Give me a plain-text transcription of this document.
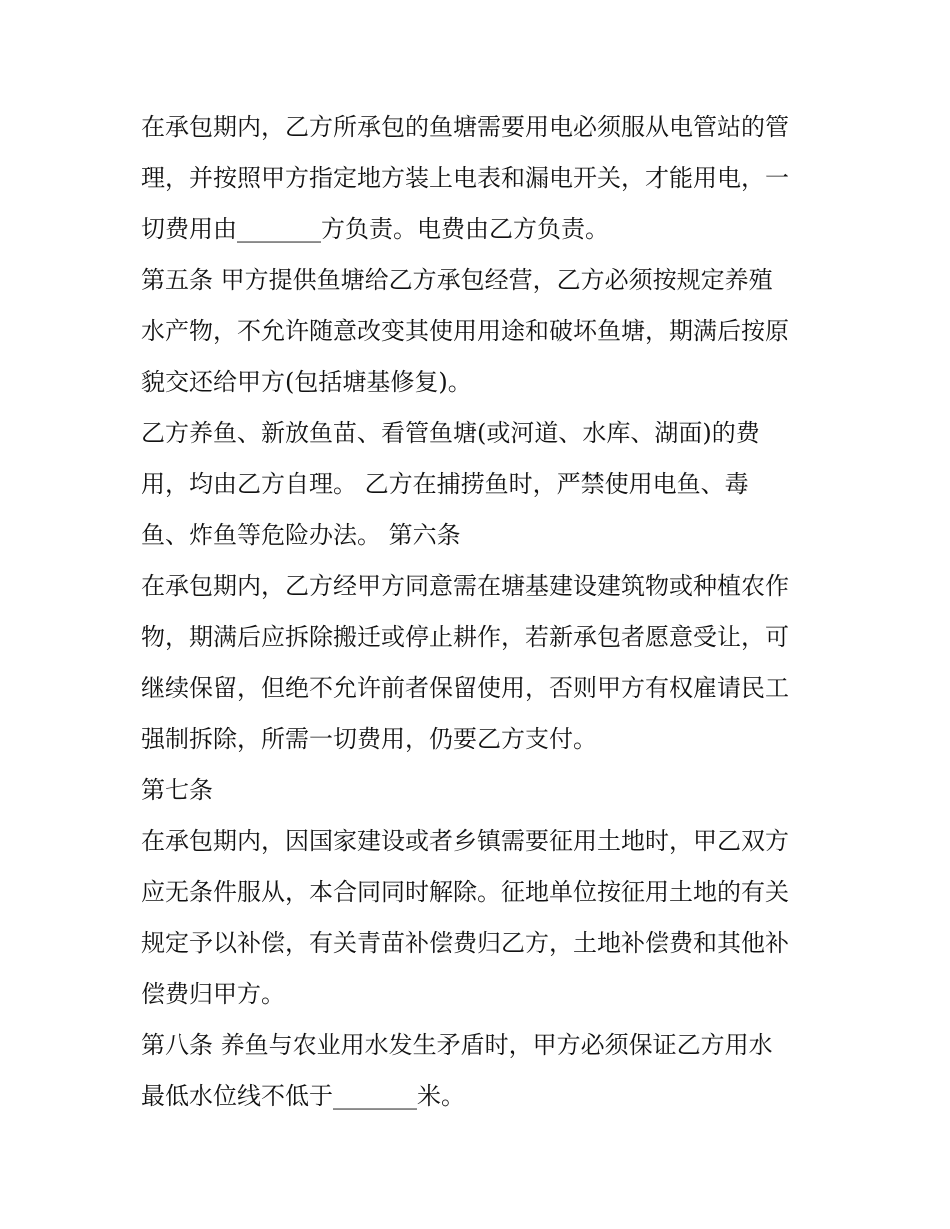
在承包期内，乙方所承包的鱼塘需要用电必须服从电管站的管
理，并按照甲方指定地方装上电表和漏电开关，才能用电，一
切费用由_______方负责。电费由乙方负责。
第五条 甲方提供鱼塘给乙方承包经营，乙方必须按规定养殖
水产物，不允许随意改变其使用用途和破坏鱼塘，期满后按原
貌交还给甲方(包括塘基修复)。
乙方养鱼、新放鱼苗、看管鱼塘(或河道、水库、湖面)的费
用，均由乙方自理。 乙方在捕捞鱼时，严禁使用电鱼、毒
鱼、炸鱼等危险办法。 第六条
在承包期内，乙方经甲方同意需在塘基建设建筑物或种植农作
物，期满后应拆除搬迁或停止耕作，若新承包者愿意受让，可
继续保留，但绝不允许前者保留使用，否则甲方有权雇请民工
强制拆除，所需一切费用，仍要乙方支付。
第七条
在承包期内，因国家建设或者乡镇需要征用土地时，甲乙双方
应无条件服从，本合同同时解除。征地单位按征用土地的有关
规定予以补偿，有关青苗补偿费归乙方，土地补偿费和其他补
偿费归甲方。
第八条 养鱼与农业用水发生矛盾时，甲方必须保证乙方用水
最低水位线不低于_______米。
